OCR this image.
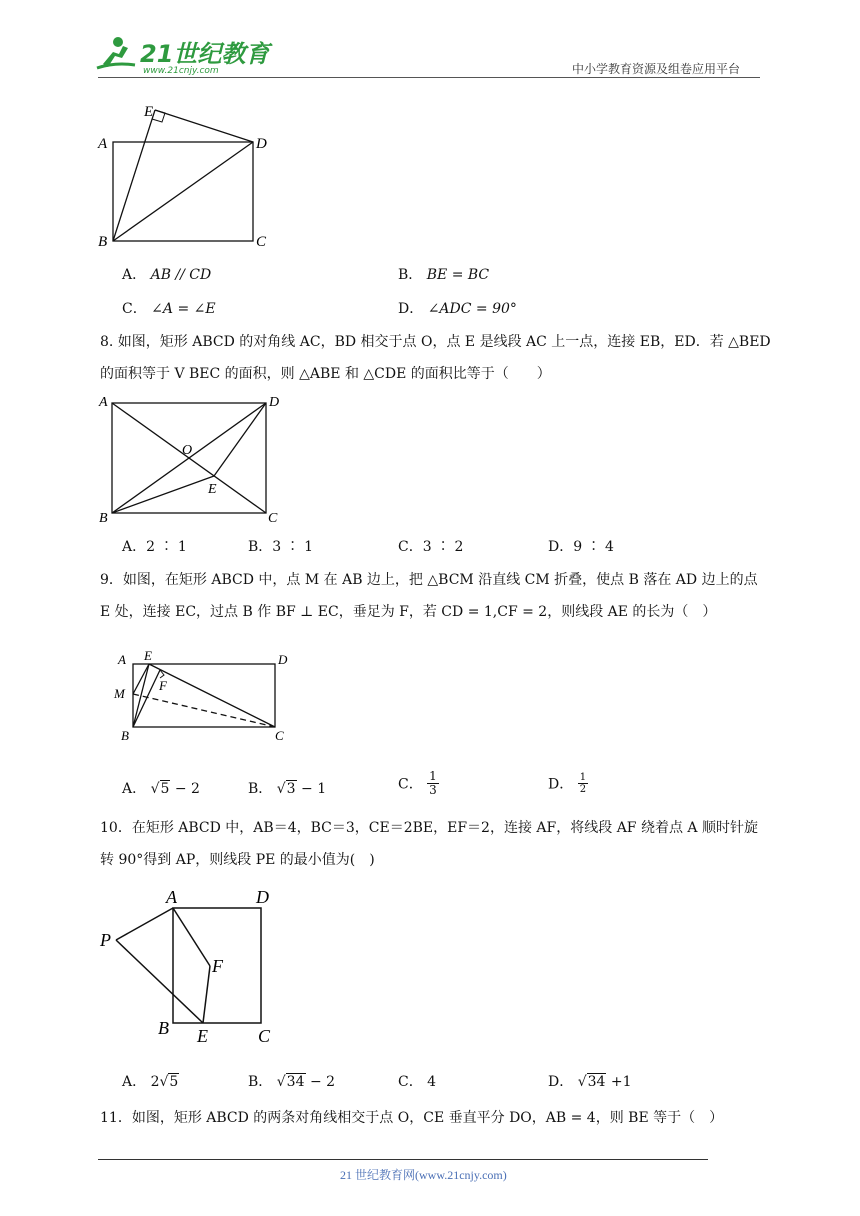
21世纪教育
www.21cnjy.com	中小学教育资源及组卷应用平台
E
A	D
B	C
A． AB // CD	B． BE = BC
C． ∠A = ∠E	D． ∠ADC = 90°
8. 如图，矩形 ABCD 的对角线 AC，BD 相交于点 O，点 E 是线段 AC 上一点，连接 EB，ED．若 △BED
的面积等于 V BEC 的面积，则 △ABE 和 △CDE 的面积比等于（　　）
A	D
O
E
B	C
A．2 ∶ 1	B．3 ∶ 1	C．3 ∶ 2	D．9 ∶ 4
9．如图，在矩形 ABCD 中，点 M 在 AB 边上，把 △BCM 沿直线 CM 折叠，使点 B 落在 AD 边上的点
E 处，连接 EC，过点 B 作 BF ⊥ EC，垂足为 F，若 CD = 1,CF = 2，则线段 AE 的长为（　）
A E	D
F
M
B	C
A． √5 − 2	B． √3 − 1	C． $\frac{1}{3}$	D． $\frac{1}{2}$
10．在矩形 ABCD 中，AB＝4，BC＝3，CE＝2BE，EF＝2，连接 AF，将线段 AF 绕着点 A 顺时针旋
转 90°得到 AP，则线段 PE 的最小值为(　)
A	D
P
F
B E	C
A． 2√5	B． √34 − 2	C． 4	D． √34 +1
11．如图，矩形 ABCD 的两条对角线相交于点 O，CE 垂直平分 DO，AB = 4，则 BE 等于（　）
21 世纪教育网(www.21cnjy.com)
